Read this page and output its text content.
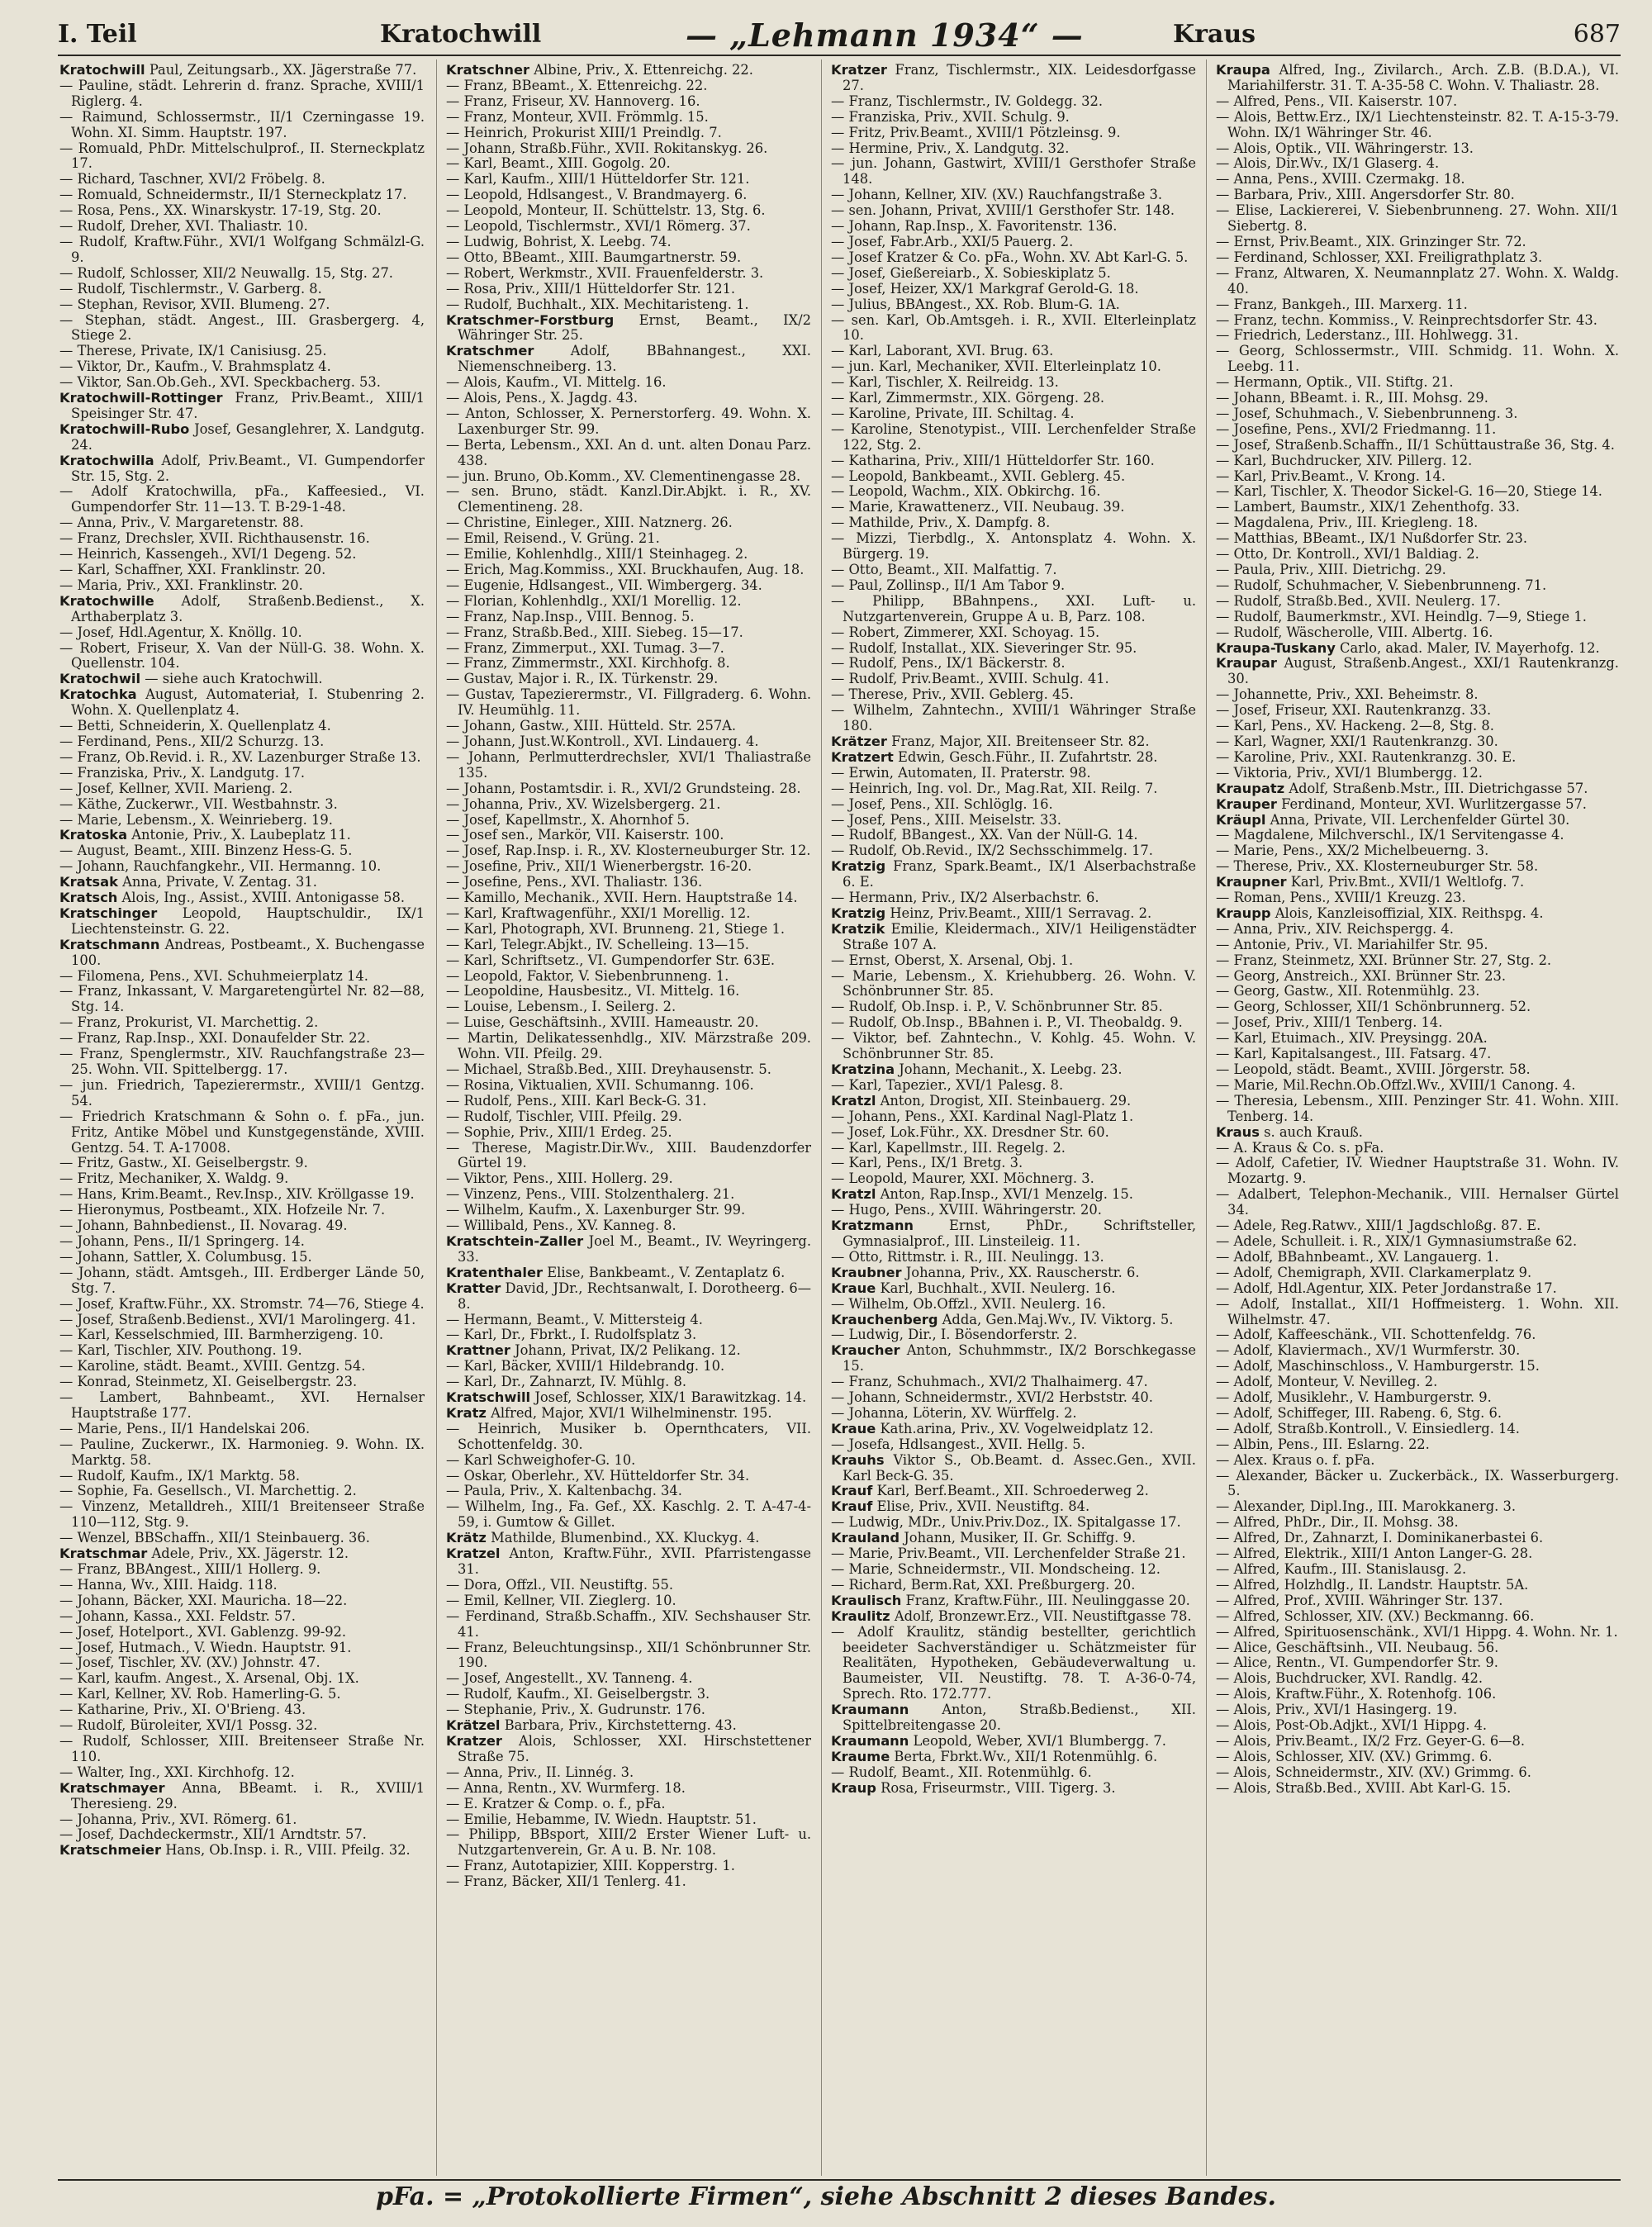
I. Teil	Kratochwill	— „Lehmann 1934“ —	Kraus	687

Kratochwill Paul, Zeitungsarb., XX. Jägerstraße 77.

— Pauline, städt. Lehrerin d. franz. Sprache, XVIII/1 Riglerg. 4.

— Raimund, Schlossermstr., II/1 Czerningasse 19. Wohn. XI. Simm. Hauptstr. 197.

— Romuald, PhDr. Mittelschulprof., II. Sterneckplatz 17.

— Richard, Taschner, XVI/2 Fröbelg. 8.

— Romuald, Schneidermstr., II/1 Sterneckplatz 17.

— Rosa, Pens., XX. Winarskystr. 17-19, Stg. 20.

— Rudolf, Dreher, XVI. Thaliastr. 10.

— Rudolf, Kraftw.Führ., XVI/1 Wolfgang Schmälzl-G. 9.

— Rudolf, Schlosser, XII/2 Neuwallg. 15, Stg. 27.

— Rudolf, Tischlermstr., V. Garberg. 8.

— Stephan, Revisor, XVII. Blumeng. 27.

— Stephan, städt. Angest., III. Grasbergerg. 4, Stiege 2.

— Therese, Private, IX/1 Canisiusg. 25.

— Viktor, Dr., Kaufm., V. Brahmsplatz 4.

— Viktor, San.Ob.Geh., XVI. Speckbacherg. 53.

Kratochwill-Rottinger Franz, Priv.Beamt., XIII/1 Speisinger Str. 47.

Kratochwill-Rubo Josef, Gesanglehrer, X. Landgutg. 24.

Kratochwilla Adolf, Priv.Beamt., VI. Gumpendorfer Str. 15, Stg. 2.

— Adolf Kratochwilla, pFa., Kaffeesied., VI. Gumpendorfer Str. 11—13. T. B-29-1-48.

— Anna, Priv., V. Margaretenstr. 88.

— Franz, Drechsler, XVII. Richthausenstr. 16.

— Heinrich, Kassengeh., XVI/1 Degeng. 52.

— Karl, Schaffner, XXI. Franklinstr. 20.

— Maria, Priv., XXI. Franklinstr. 20.

Kratochwille Adolf, Straßenb.Bedienst., X. Arthaberplatz 3.

— Josef, Hdl.Agentur, X. Knöllg. 10.

— Robert, Friseur, X. Van der Nüll-G. 38. Wohn. X. Quellenstr. 104.

Kratochwil — siehe auch Kratochwill.

Kratochka August, Automateriał, I. Stubenring 2. Wohn. X. Quellenplatz 4.

— Betti, Schneiderin, X. Quellenplatz 4.

— Ferdinand, Pens., XII/2 Schurzg. 13.

— Franz, Ob.Revid. i. R., XV. Lazenburger Straße 13.

— Franziska, Priv., X. Landgutg. 17.

— Josef, Kellner, XVII. Marieng. 2.

— Käthe, Zuckerwr., VII. Westbahnstr. 3.

— Marie, Lebensm., X. Weinrieberg. 19.

Kratoska Antonie, Priv., X. Laubeplatz 11.

— August, Beamt., XIII. Binzenz Hess-G. 5.

— Johann, Rauchfangkehr., VII. Hermanng. 10.

Kratsak Anna, Private, V. Zentag. 31.

Kratsch Alois, Ing., Assist., XVIII. Antonigasse 58.

Kratschinger Leopold, Hauptschuldir., IX/1 Liechtensteinstr. G. 22.

Kratschmann Andreas, Postbeamt., X. Buchengasse 100.

— Filomena, Pens., XVI. Schuhmeierplatz 14.

— Franz, Inkassant, V. Margaretengürtel Nr. 82—88, Stg. 14.

— Franz, Prokurist, VI. Marchettig. 2.

— Franz, Rap.Insp., XXI. Donaufelder Str. 22.

— Franz, Spenglermstr., XIV. Rauchfangstraße 23—25. Wohn. VII. Spittelbergg. 17.

— jun. Friedrich, Tapezierermstr., XVIII/1 Gentzg. 54.

— Friedrich Kratschmann & Sohn o. f. pFa., jun. Fritz, Antike Möbel und Kunstgegenstände, XVIII. Gentzg. 54. T. A-17008.

— Fritz, Gastw., XI. Geiselbergstr. 9.

— Fritz, Mechaniker, X. Waldg. 9.

— Hans, Krim.Beamt., Rev.Insp., XIV. Kröllgasse 19.

— Hieronymus, Postbeamt., XIX. Hofzeile Nr. 7.

— Johann, Bahnbedienst., II. Novarag. 49.

— Johann, Pens., II/1 Springerg. 14.

— Johann, Sattler, X. Columbusg. 15.

— Johann, städt. Amtsgeh., III. Erdberger Lände 50, Stg. 7.

— Josef, Kraftw.Führ., XX. Stromstr. 74—76, Stiege 4.

— Josef, Straßenb.Bedienst., XVI/1 Marolingerg. 41.

— Karl, Kesselschmied, III. Barmherzigeng. 10.

— Karl, Tischler, XIV. Pouthong. 19.

— Karoline, städt. Beamt., XVIII. Gentzg. 54.

— Konrad, Steinmetz, XI. Geiselbergstr. 23.

— Lambert, Bahnbeamt., XVI. Hernalser Hauptstraße 177.

— Marie, Pens., II/1 Handelskai 206.

— Pauline, Zuckerwr., IX. Harmonieg. 9. Wohn. IX. Marktg. 58.

— Rudolf, Kaufm., IX/1 Marktg. 58.

— Sophie, Fa. Gesellsch., VI. Marchettig. 2.

— Vinzenz, Metalldreh., XIII/1 Breitenseer Straße 110—112, Stg. 9.

— Wenzel, BBSchaffn., XII/1 Steinbauerg. 36.

Kratschmar Adele, Priv., XX. Jägerstr. 12.

— Franz, BBAngest., XIII/1 Hollerg. 9.

— Hanna, Wv., XIII. Haidg. 118.

— Johann, Bäcker, XXI. Mauricha. 18—22.

— Johann, Kassa., XXI. Feldstr. 57.

— Josef, Hotelport., XVI. Gablenzg. 99-92.

— Josef, Hutmach., V. Wiedn. Hauptstr. 91.

— Josef, Tischler, XV. (XV.) Johnstr. 47.

— Karl, kaufm. Angest., X. Arsenal, Obj. 1X.

— Karl, Kellner, XV. Rob. Hamerling-G. 5.

— Katharine, Priv., XI. O'Brieng. 43.

— Rudolf, Büroleiter, XVI/1 Possg. 32.

— Rudolf, Schlosser, XIII. Breitenseer Straße Nr. 110.

— Walter, Ing., XXI. Kirchhofg. 12.

Kratschmayer Anna, BBeamt. i. R., XVIII/1 Theresieng. 29.

— Johanna, Priv., XVI. Römerg. 61.

— Josef, Dachdeckermstr., XII/1 Arndtstr. 57.

Kratschmeier Hans, Ob.Insp. i. R., VIII. Pfeilg. 32.

Kratschner Albine, Priv., X. Ettenreichg. 22.

— Franz, BBeamt., X. Ettenreichg. 22.

— Franz, Friseur, XV. Hannoverg. 16.

— Franz, Monteur, XVII. Frömmlg. 15.

— Heinrich, Prokurist XIII/1 Preindlg. 7.

— Johann, Straßb.Führ., XVII. Rokitanskyg. 26.

— Karl, Beamt., XIII. Gogolg. 20.

— Karl, Kaufm., XIII/1 Hütteldorfer Str. 121.

— Leopold, Hdlsangest., V. Brandmayerg. 6.

— Leopold, Monteur, II. Schüttelstr. 13, Stg. 6.

— Leopold, Tischlermstr., XVI/1 Römerg. 37.

— Ludwig, Bohrist, X. Leebg. 74.

— Otto, BBeamt., XIII. Baumgartnerstr. 59.

— Robert, Werkmstr., XVII. Frauenfelderstr. 3.

— Rosa, Priv., XIII/1 Hütteldorfer Str. 121.

— Rudolf, Buchhalt., XIX. Mechitaristeng. 1.

Kratschmer-Forstburg Ernst, Beamt., IX/2 Währinger Str. 25.

Kratschmer	Adolf, BBahnangest., XXI. Niemenschneiberg. 13.

— Alois, Kaufm., VI. Mittelg. 16.

— Alois, Pens., X. Jagdg. 43.

— Anton, Schlosser, X. Pernerstorferg. 49. Wohn. X. Laxenburger Str. 99.

— Berta, Lebensm., XXI. An d. unt. alten Donau Parz. 438.

— jun. Bruno, Ob.Komm., XV. Clementinengasse 28.

— sen. Bruno, städt. Kanzl.Dir.Abjkt. i. R., XV. Clementineng. 28.

— Christine, Einleger., XIII. Natznerg. 26.

— Emil, Reisend., V. Grüng. 21.

— Emilie, Kohlenhdlg., XIII/1 Steinhageg. 2.

— Erich, Mag.Kommiss., XXI. Bruckhaufen, Aug. 18.

— Eugenie, Hdlsangest., VII. Wimbergerg. 34.

— Florian, Kohlenhdlg., XXI/1 Morellig. 12.

— Franz, Nap.Insp., VIII. Bennog. 5.

— Franz, Straßb.Bed., XIII. Siebeg. 15—17.

— Franz, Zimmerput., XXI. Tumag. 3—7.

— Franz, Zimmermstr., XXI. Kirchhofg. 8.

— Gustav, Major i. R., IX. Türkenstr. 29.

— Gustav, Tapezierermstr., VI. Fillgraderg. 6. Wohn. IV. Heumühlg. 11.

— Johann, Gastw., XIII. Hütteld. Str. 257A.

— Johann, Just.W.Kontroll., XVI. Lindauerg. 4.

— Johann, Perlmutterdrechsler, XVI/1 Thaliastraße 135.

— Johann, Postamtsdir. i. R., XVI/2 Grundsteing. 28.

— Johanna, Priv., XV. Wizelsbergerg. 21.

— Josef, Kapellmstr., X. Ahornhof 5.

— Josef sen., Markör, VII. Kaiserstr. 100.

— Josef, Rap.Insp. i. R., XV. Klosterneuburger Str. 12.

— Josefine, Priv., XII/1 Wienerbergstr. 16-20.

— Josefine, Pens., XVI. Thaliastr. 136.

— Kamillo, Mechanik., XVII. Hern. Hauptstraße 14.

— Karl, Kraftwagenführ., XXI/1 Morellig. 12.

— Karl, Photograph, XVI. Brunneng. 21, Stiege 1.

— Karl, Telegr.Abjkt., IV. Schelleing. 13—15.

— Karl, Schriftsetz., VI. Gumpendorfer Str. 63E.

— Leopold, Faktor, V. Siebenbrunneng. 1.

— Leopoldine, Hausbesitz., VI. Mittelg. 16.

— Louise, Lebensm., I. Seilerg. 2.

— Luise, Geschäftsinh., XVIII. Hameaustr. 20.

— Martin, Delikatessenhdlg., XIV. Märzstraße 209. Wohn. VII. Pfeilg. 29.

— Michael, Straßb.Bed., XIII. Dreyhausenstr. 5.

— Rosina, Viktualien, XVII. Schumanng. 106.

— Rudolf, Pens., XIII. Karl Beck-G. 31.

— Rudolf, Tischler, VIII. Pfeilg. 29.

— Sophie, Priv., XIII/1 Erdeg. 25.

— Therese, Magistr.Dir.Wv., XIII. Baudenzdorfer Gürtel 19.

— Viktor, Pens., XIII. Hollerg. 29.

— Vinzenz, Pens., VIII. Stolzenthalerg. 21.

— Wilhelm, Kaufm., X. Laxenburger Str. 99.

— Willibald, Pens., XV. Kanneg. 8.

Kratschtein-Zaller Joel M., Beamt., IV. Weyringerg. 33.

Kratenthaler Elise, Bankbeamt., V. Zentaplatz 6.

Kratter David, JDr., Rechtsanwalt, I. Dorotheerg. 6—8.

— Hermann, Beamt., V. Mittersteig 4.

— Karl, Dr., Fbrkt., I. Rudolfsplatz 3.

Krattner Johann, Privat, IX/2 Pelikang. 12.

— Karl, Bäcker, XVIII/1 Hildebrandg. 10.

— Karl, Dr., Zahnarzt, IV. Mühlg. 8.

Kratschwill Josef, Schlosser, XIX/1 Barawitzkag. 14.

Kratz Alfred, Major, XVI/1 Wilhelminenstr. 195.

— Heinrich, Musiker b. Opernthcaters, VII. Schottenfeldg. 30.

— Karl Schweighofer-G. 10.

— Oskar, Oberlehr., XV. Hütteldorfer Str. 34.

— Paula, Priv., X. Kaltenbachg. 34.

— Wilhelm, Ing., Fa. Gef., XX. Kaschlg. 2. T. A-47-4-59, i. Gumtow & Gillet.

Krätz Mathilde, Blumenbind., XX. Kluckyg. 4.

Kratzel Anton, Kraftw.Führ., XVII. Pfarristengasse 31.

— Dora, Offzl., VII. Neustiftg. 55.

— Emil, Kellner, VII. Zieglerg. 10.

— Ferdinand, Straßb.Schaffn., XIV. Sechshauser Str. 41.

— Franz, Beleuchtungsinsp., XII/1 Schönbrunner Str. 190.

— Josef, Angestellt., XV. Tanneng. 4.

— Rudolf, Kaufm., XI. Geiselbergstr. 3.

— Stephanie, Priv., X. Gudrunstr. 176.

Krätzel Barbara, Priv., Kirchstetterng. 43.

Kratzer Alois, Schlosser, XXI. Hirschstettener Straße 75.

— Anna, Priv., II. Linnég. 3.

— Anna, Rentn., XV. Wurmferg. 18.

— E. Kratzer & Comp. o. f., pFa.

— Emilie, Hebamme, IV. Wiedn. Hauptstr. 51.

— Philipp, BBsport, XIII/2 Erster Wiener Luft- u. Nutzgartenverein, Gr. A u. B. Nr. 108.

— Franz, Autotapizier, XIII. Kopperstrg. 1.

— Franz, Bäcker, XII/1 Tenlerg. 41.

Kratzer Franz, Tischlermstr., XIX. Leidesdorfgasse 27.

— Franz, Tischlermstr., IV. Goldegg. 32.

— Franziska, Priv., XVII. Schulg. 9.

— Fritz, Priv.Beamt., XVIII/1 Pötzleinsg. 9.

— Hermine, Priv., X. Landgutg. 32.

— jun. Johann, Gastwirt, XVIII/1 Gersthofer Straße 148.

— Johann, Kellner, XIV. (XV.) Rauchfangstraße 3.

— sen. Johann, Privat, XVIII/1 Gersthofer Str. 148.

— Johann, Rap.Insp., X. Favoritenstr. 136.

— Josef, Fabr.Arb., XXI/5 Pauerg. 2.

— Josef Kratzer & Co. pFa., Wohn. XV. Abt Karl-G. 5.

— Josef, Gießereiarb., X. Sobieskiplatz 5.

— Josef, Heizer, XX/1 Markgraf Gerold-G. 18.

— Julius, BBAngest., XX. Rob. Blum-G. 1A.

— sen. Karl, Ob.Amtsgeh. i. R., XVII. Elterleinplatz 10.

— Karl, Laborant, XVI. Brug. 63.

— jun. Karl, Mechaniker, XVII. Elterleinplatz 10.

— Karl, Tischler, X. Reilreidg. 13.

— Karl, Zimmermstr., XIX. Görgeng. 28.

— Karoline, Private, III. Schiltag. 4.

— Karoline, Stenotypist., VIII. Lerchenfelder Straße 122, Stg. 2.

— Katharina, Priv., XIII/1 Hütteldorfer Str. 160.

— Leopold, Bankbeamt., XVII. Geblerg. 45.

— Leopold, Wachm., XIX. Obkirchg. 16.

— Marie, Krawattenerz., VII. Neubaug. 39.

— Mathilde, Priv., X. Dampfg. 8.

— Mizzi, Tierbdlg., X. Antonsplatz 4. Wohn. X. Bürgerg. 19.

— Otto, Beamt., XII. Malfattig. 7.

— Paul, Zollinsp., II/1 Am Tabor 9.

— Philipp, BBahnpens., XXI. Luft- u. Nutzgartenverein, Gruppe A u. B, Parz. 108.

— Robert, Zimmerer, XXI. Schoyag. 15.

— Rudolf, Installat., XIX. Sieveringer Str. 95.

— Rudolf, Pens., IX/1 Bäckerstr. 8.

— Rudolf, Priv.Beamt., XVIII. Schulg. 41.

— Therese, Priv., XVII. Geblerg. 45.

— Wilhelm, Zahntechn., XVIII/1 Währinger Straße 180.

Krätzer Franz, Major, XII. Breitenseer Str. 82.

Kratzert Edwin, Gesch.Führ., II. Zufahrtstr. 28.

— Erwin, Automaten, II. Praterstr. 98.

— Heinrich, Ing. vol. Dr., Mag.Rat, XII. Reilg. 7.

— Josef, Pens., XII. Schlöglg. 16.

— Josef, Pens., XIII. Meiselstr. 33.

— Rudolf, BBangest., XX. Van der Nüll-G. 14.

— Rudolf, Ob.Revid., IX/2 Sechsschimmelg. 17.

Kratzig Franz, Spark.Beamt., IX/1 Alserbachstraße 6. E.

— Hermann, Priv., IX/2 Alserbachstr. 6.

Kratzig Heinz, Priv.Beamt., XIII/1 Serravag. 2.

Kratzik Emilie, Kleidermach., XIV/1 Heiligenstädter Straße 107 A.

— Ernst, Oberst, X. Arsenal, Obj. 1.

— Marie, Lebensm., X. Kriehubberg. 26. Wohn. V. Schönbrunner Str. 85.

— Rudolf, Ob.Insp. i. P., V. Schönbrunner Str. 85.

— Rudolf, Ob.Insp., BBahnen i. P., VI. Theobaldg. 9.

— Viktor, bef. Zahntechn., V. Kohlg. 45. Wohn. V. Schönbrunner Str. 85.

Kratzina Johann, Mechanit., X. Leebg. 23.

— Karl, Tapezier., XVI/1 Palesg. 8.

Kratzl Anton, Drogist, XII. Steinbauerg. 29.

— Johann, Pens., XXI. Kardinal Nagl-Platz 1.

— Josef, Lok.Führ., XX. Dresdner Str. 60.

— Karl, Kapellmstr., III. Regelg. 2.

— Karl, Pens., IX/1 Bretg. 3.

— Leopold, Maurer, XXI. Möchnerg. 3.

Kratzl Anton, Rap.Insp., XVI/1 Menzelg. 15.

— Hugo, Pens., XVIII. Währingerstr. 20.

Kratzmann	Ernst, PhDr., Schriftsteller, Gymnasialprof., III. Linsteileig. 11.

— Otto, Rittmstr. i. R., III. Neulingg. 13.

Kraubner Johanna, Priv., XX. Rauscherstr. 6.

Kraue Karl, Buchhalt., XVII. Neulerg. 16.

— Wilhelm, Ob.Offzl., XVII. Neulerg. 16.

Krauchenberg Adda, Gen.Maj.Wv., IV. Viktorg. 5.

— Ludwig, Dir., I. Bösendorferstr. 2.

Kraucher Anton, Schuhmmstr., IX/2 Borschkegasse 15.

— Franz, Schuhmach., XVI/2 Thalhaimerg. 47.

— Johann, Schneidermstr., XVI/2 Herbststr. 40.

— Johanna, Löterin, XV. Würffelg. 2.

Kraue Kath.arina, Priv., XV. Vogelweidplatz 12.

— Josefa, Hdlsangest., XVII. Hellg. 5.

Krauhs Viktor S., Ob.Beamt. d. Assec.Gen., XVII. Karl Beck-G. 35.

Krauf Karl, Berf.Beamt., XII. Schroederweg 2.

Krauf Elise, Priv., XVII. Neustiftg. 84.

— Ludwig, MDr., Univ.Priv.Doz., IX. Spitalgasse 17.

Krauland Johann, Musiker, II. Gr. Schiffg. 9.

— Marie, Priv.Beamt., VII. Lerchenfelder Straße 21.

— Marie, Schneidermstr., VII. Mondscheing. 12.

— Richard, Berm.Rat, XXI. Preßburgerg. 20.

Kraulisch Franz, Kraftw.Führ., III. Neulinggasse 20.

Kraulitz Adolf, Bronzewr.Erz., VII. Neustiftgasse 78.

— Adolf Kraulitz, ständig bestellter, gerichtlich beeideter Sachverständiger u. Schätzmeister für Realitäten, Hypotheken, Gebäudeverwaltung u. Baumeister, VII. Neustiftg. 78. T. A-36-0-74, Sprech. Rto. 172.777.

Kraumann Anton, Straßb.Bedienst., XII. Spittelbreitengasse 20.

Kraumann Leopold, Weber, XVI/1 Blumbergg. 7.

Kraume Berta, Fbrkt.Wv., XII/1 Rotenmühlg. 6.

— Rudolf, Beamt., XII. Rotenmühlg. 6.

Kraup Rosa, Friseurmstr., VIII. Tigerg. 3.

Kraupa Alfred, Ing., Zivilarch., Arch. Z.B. (B.D.A.), VI. Mariahilferstr. 31. T. A-35-58 C. Wohn. V. Thaliastr. 28.

— Alfred, Pens., VII. Kaiserstr. 107.

— Alois, Bettw.Erz., IX/1 Liechtensteinstr. 82. T. A-15-3-79. Wohn. IX/1 Währinger Str. 46.

— Alois, Optik., VII. Währingerstr. 13.

— Alois, Dir.Wv., IX/1 Glaserg. 4.

— Anna, Pens., XVIII. Czermakg. 18.

— Barbara, Priv., XIII. Angersdorfer Str. 80.

— Elise, Lackiererei, V. Siebenbrunneng. 27. Wohn. XII/1 Siebertg. 8.

— Ernst, Priv.Beamt., XIX. Grinzinger Str. 72.

— Ferdinand, Schlosser, XXI. Freiligrathplatz 3.

— Franz, Altwaren, X. Neumannplatz 27. Wohn. X. Waldg. 40.

— Franz, Bankgeh., III. Marxerg. 11.

— Franz, techn. Kommiss., V. Reinprechtsdorfer Str. 43.

— Friedrich, Lederstanz., III. Hohlwegg. 31.

— Georg, Schlossermstr., VIII. Schmidg. 11. Wohn. X. Leebg. 11.

— Hermann, Optik., VII. Stiftg. 21.

— Johann, BBeamt. i. R., III. Mohsg. 29.

— Josef, Schuhmach., V. Siebenbrunneng. 3.

— Josefine, Pens., XVI/2 Friedmanng. 11.

— Josef, Straßenb.Schaffn., II/1 Schüttaustraße 36, Stg. 4.

— Karl, Buchdrucker, XIV. Pillerg. 12.

— Karl, Priv.Beamt., V. Krong. 14.

— Karl, Tischler, X. Theodor Sickel-G. 16—20, Stiege 14.

— Lambert, Baumstr., XIX/1 Zehenthofg. 33.

— Magdalena, Priv., III. Kriegleng. 18.

— Matthias, BBeamt., IX/1 Nußdorfer Str. 23.

— Otto, Dr. Kontroll., XVI/1 Baldiag. 2.

— Paula, Priv., XIII. Dietrichg. 29.

— Rudolf, Schuhmacher, V. Siebenbrunneng. 71.

— Rudolf, Straßb.Bed., XVII. Neulerg. 17.

— Rudolf, Baumerkmstr., XVI. Heindlg. 7—9, Stiege 1.

— Rudolf, Wäscherolle, VIII. Albertg. 16.

Kraupa-Tuskany Carlo, akad. Maler, IV. Mayerhofg. 12.

Kraupar August, Straßenb.Angest., XXI/1 Rautenkranzg. 30.

— Johannette, Priv., XXI. Beheimstr. 8.

— Josef, Friseur, XXI. Rautenkranzg. 33.

— Karl, Pens., XV. Hackeng. 2—8, Stg. 8.

— Karl, Wagner, XXI/1 Rautenkranzg. 30.

— Karoline, Priv., XXI. Rautenkranzg. 30. E.

— Viktoria, Priv., XVI/1 Blumbergg. 12.

Kraupatz Adolf, Straßenb.Mstr., III. Dietrichgasse 57.

Krauper Ferdinand, Monteur, XVI. Wurlitzergasse 57.

Kräupl Anna, Private, VII. Lerchenfelder Gürtel 30.

— Magdalene, Milchverschl., IX/1 Servitengasse 4.

— Marie, Pens., XX/2 Michelbeuerng. 3.

— Therese, Priv., XX. Klosterneuburger Str. 58.

Kraupner Karl, Priv.Bmt., XVII/1 Weltlofg. 7.

— Roman, Pens., XVIII/1 Kreuzg. 23.

Kraupp Alois, Kanzleisoffizial, XIX. Reithspg. 4.

— Anna, Priv., XIV. Reichspergg. 4.

— Antonie, Priv., VI. Mariahilfer Str. 95.

— Franz, Steinmetz, XXI. Brünner Str. 27, Stg. 2.

— Georg, Anstreich., XXI. Brünner Str. 23.

— Georg, Gastw., XII. Rotenmühlg. 23.

— Georg, Schlosser, XII/1 Schönbrunnerg. 52.

— Josef, Priv., XIII/1 Tenberg. 14.

— Karl, Etuimach., XIV. Preysingg. 20A.

— Karl, Kapitalsangest., III. Fatsarg. 47.

— Leopold, städt. Beamt., XVIII. Jörgerstr. 58.

— Marie, Mil.Rechn.Ob.Offzl.Wv., XVIII/1 Canong. 4.

— Theresia, Lebensm., XIII. Penzinger Str. 41. Wohn. XIII. Tenberg. 14.

Kraus s. auch Krauß.

— A. Kraus & Co. s. pFa.

— Adolf, Cafetier, IV. Wiedner Hauptstraße 31. Wohn. IV. Mozartg. 9.

— Adalbert, Telephon-Mechanik., VIII. Hernalser Gürtel 34.

— Adele, Reg.Ratwv., XIII/1 Jagdschloßg. 87. E.

— Adele, Schulleit. i. R., XIX/1 Gymnasiumstraße 62.

— Adolf, BBahnbeamt., XV. Langauerg. 1.

— Adolf, Chemigraph, XVII. Clarkamerplatz 9.

— Adolf, Hdl.Agentur, XIX. Peter Jordanstraße 17.

— Adolf, Installat., XII/1 Hoffmeisterg. 1. Wohn. XII. Wilhelmstr. 47.

— Adolf, Kaffeeschänk., VII. Schottenfeldg. 76.

— Adolf, Klaviermach., XV/1 Wurmferstr. 30.

— Adolf, Maschinschloss., V. Hamburgerstr. 15.

— Adolf, Monteur, V. Nevilleg. 2.

— Adolf, Musiklehr., V. Hamburgerstr. 9.

— Adolf, Schiffeger, III. Rabeng. 6, Stg. 6.

— Adolf, Straßb.Kontroll., V. Einsiedlerg. 14.

— Albin, Pens., III. Eslarng. 22.

— Alex. Kraus o. f. pFa.

— Alexander, Bäcker u. Zuckerbäck., IX. Wasserburgerg. 5.

— Alexander, Dipl.Ing., III. Marokkanerg. 3.

— Alfred, PhDr., Dir., II. Mohsg. 38.

— Alfred, Dr., Zahnarzt, I. Dominikanerbastei 6.

— Alfred, Elektrik., XIII/1 Anton Langer-G. 28.

— Alfred, Kaufm., III. Stanislausg. 2.

— Alfred, Holzhdlg., II. Landstr. Hauptstr. 5A.

— Alfred, Prof., XVIII. Währinger Str. 137.

— Alfred, Schlosser, XIV. (XV.) Beckmanng. 66.

— Alfred, Spirituosenschänk., XVI/1 Hippg. 4. Wohn. Nr. 1.

— Alice, Geschäftsinh., VII. Neubaug. 56.

— Alice, Rentn., VI. Gumpendorfer Str. 9.

— Alois, Buchdrucker, XVI. Randlg. 42.

— Alois, Kraftw.Führ., X. Rotenhofg. 106.

— Alois, Priv., XVI/1 Hasingerg. 19.

— Alois, Post-Ob.Adjkt., XVI/1 Hippg. 4.

— Alois, Priv.Beamt., IX/2 Frz. Geyer-G. 6—8.

— Alois, Schlosser, XIV. (XV.) Grimmg. 6.

— Alois, Schneidermstr., XIV. (XV.) Grimmg. 6.

— Alois, Straßb.Bed., XVIII. Abt Karl-G. 15.

pFa. = „Protokollierte Firmen“, siehe Abschnitt 2 dieses Bandes.
